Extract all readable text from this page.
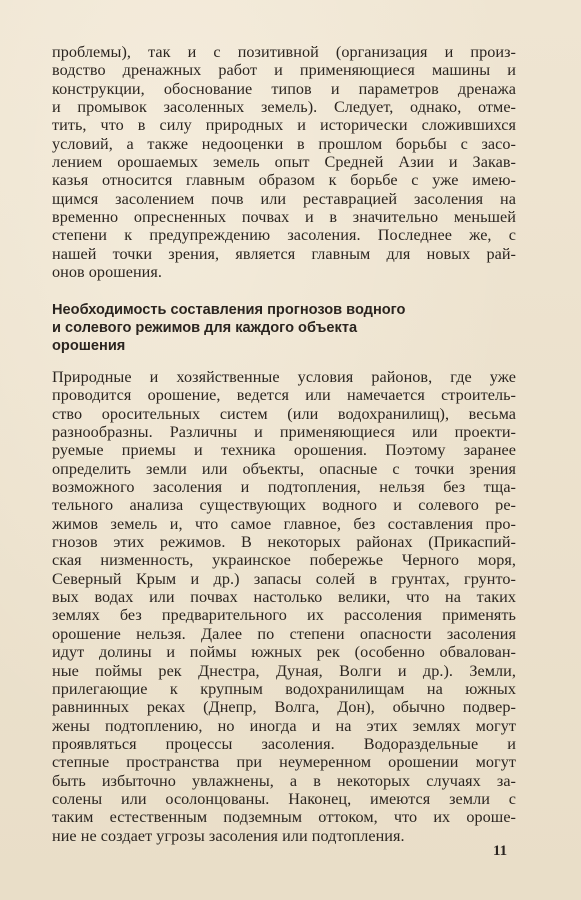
проблемы), так и с позитивной (организация и произ-
водство дренажных работ и применяющиеся машины и
конструкции, обоснование типов и параметров дренажа
и промывок засоленных земель). Следует, однако, отме-
тить, что в силу природных и исторически сложившихся
условий, а также недооценки в прошлом борьбы с засо-
лением орошаемых земель опыт Средней Азии и Закав-
казья относится главным образом к борьбе с уже имею-
щимся засолением почв или реставрацией засоления на
временно опресненных почвах и в значительно меньшей
степени к предупреждению засоления. Последнее же, с
нашей точки зрения, является главным для новых рай-
онов орошения.

Необходимость составления прогнозов водного
и солевого режимов для каждого объекта
орошения

Природные и хозяйственные условия районов, где уже
проводится орошение, ведется или намечается строитель-
ство оросительных систем (или водохранилищ), весьма
разнообразны. Различны и применяющиеся или проекти-
руемые приемы и техника орошения. Поэтому заранее
определить земли или объекты, опасные с точки зрения
возможного засоления и подтопления, нельзя без тща-
тельного анализа существующих водного и солевого ре-
жимов земель и, что самое главное, без составления про-
гнозов этих режимов. В некоторых районах (Прикаспий-
ская низменность, украинское побережье Черного моря,
Северный Крым и др.) запасы солей в грунтах, грунто-
вых водах или почвах настолько велики, что на таких
землях без предварительного их рассоления применять
орошение нельзя. Далее по степени опасности засоления
идут долины и поймы южных рек (особенно обвалован-
ные поймы рек Днестра, Дуная, Волги и др.). Земли,
прилегающие к крупным водохранилищам на южных
равнинных реках (Днепр, Волга, Дон), обычно подвер-
жены подтоплению, но иногда и на этих землях могут
проявляться процессы засоления. Водораздельные и
степные пространства при неумеренном орошении могут
быть избыточно увлажнены, а в некоторых случаях за-
солены или осолонцованы. Наконец, имеются земли с
таким естественным подземным оттоком, что их ороше-
ние не создает угрозы засоления или подтопления.

11
